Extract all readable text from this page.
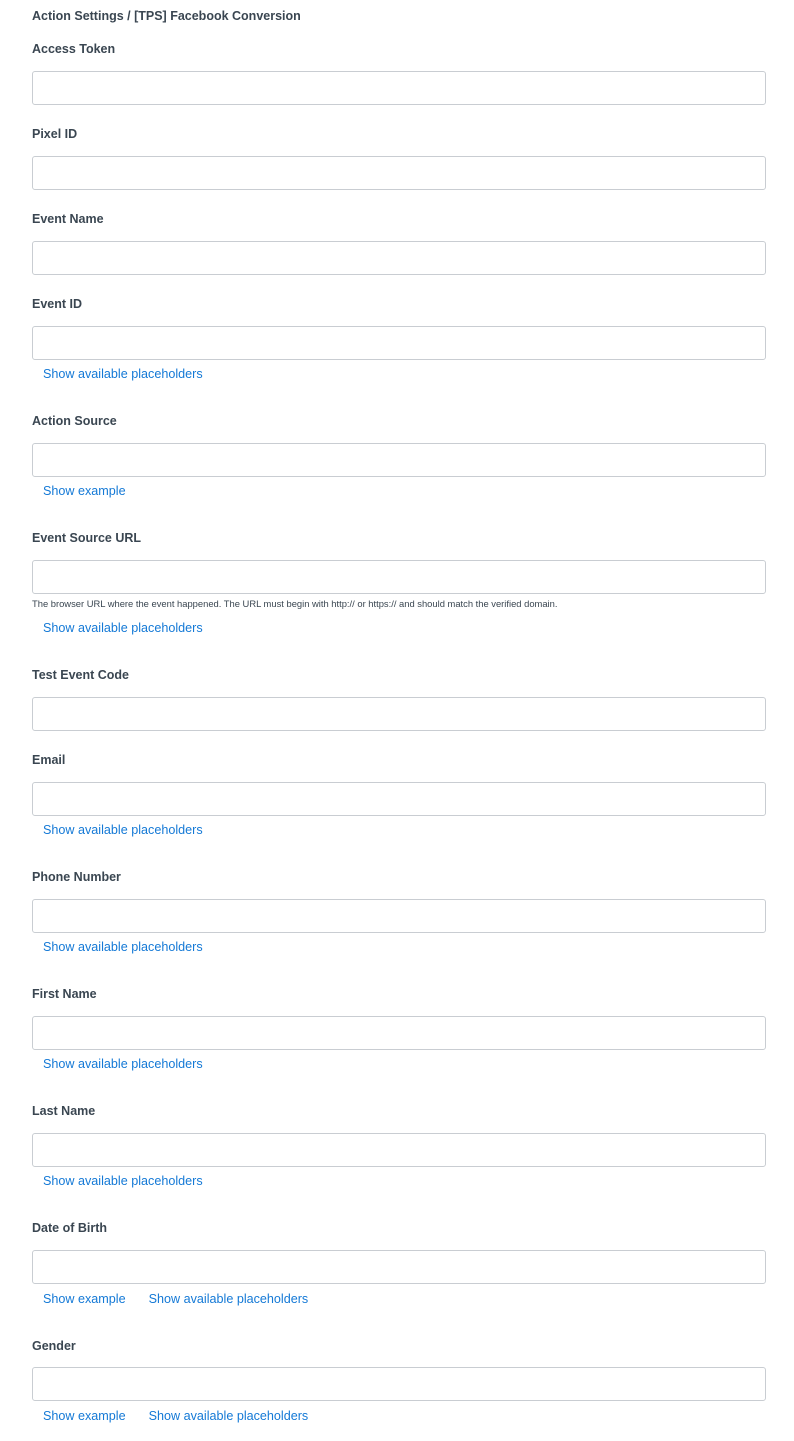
Action Settings / [TPS] Facebook Conversion
Access Token
Pixel ID
Event Name
Event ID
Show available placeholders
Action Source
Show example
Event Source URL
The browser URL where the event happened. The URL must begin with http:// or https:// and should match the verified domain.
Show available placeholders
Test Event Code
Email
Show available placeholders
Phone Number
Show available placeholders
First Name
Show available placeholders
Last Name
Show available placeholders
Date of Birth
Show example Show available placeholders
Gender
Show example Show available placeholders
